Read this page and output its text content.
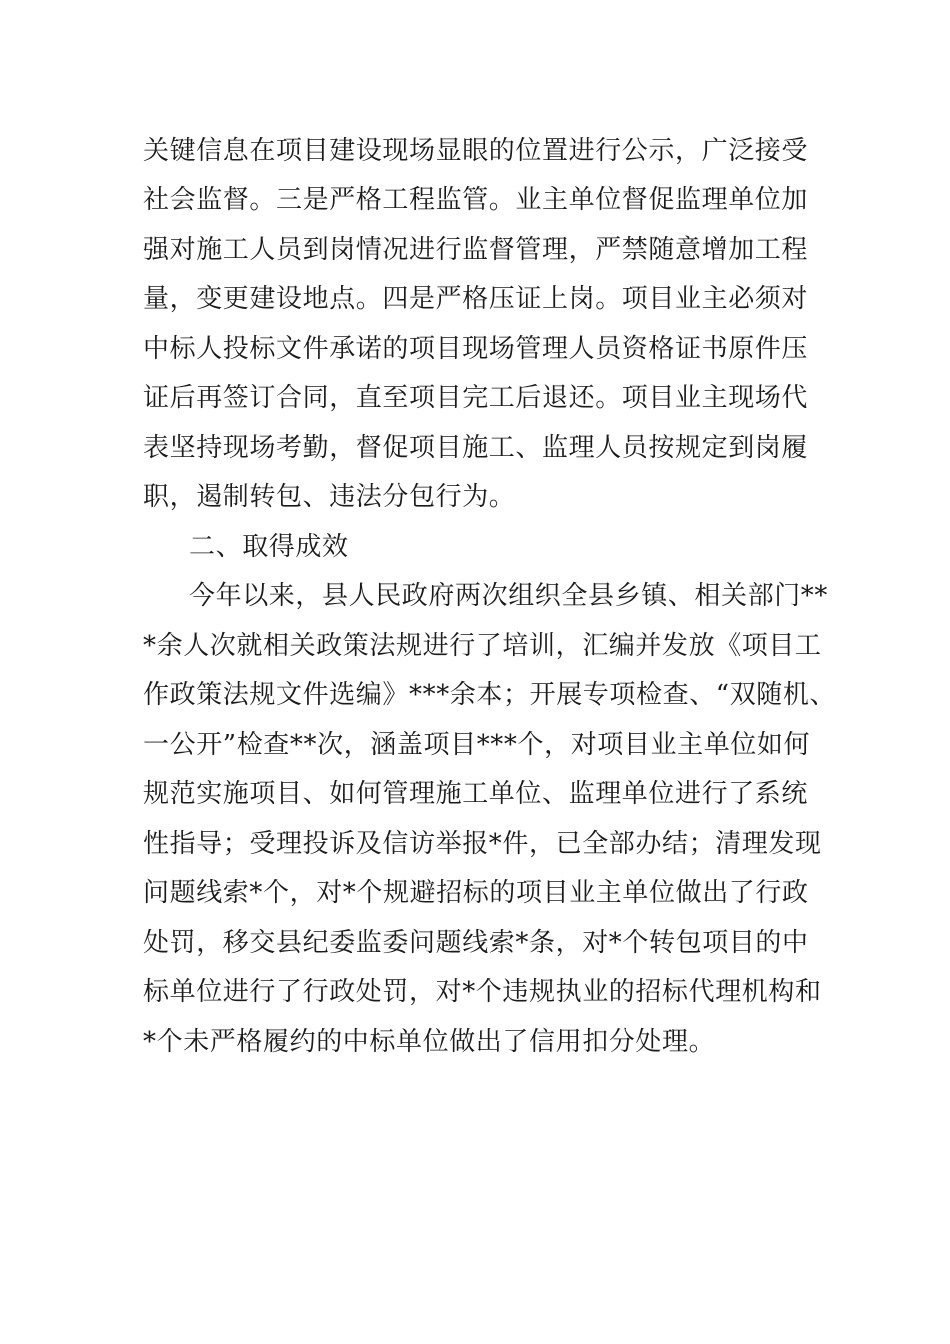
关键信息在项目建设现场显眼的位置进行公示，广泛接受
社会监督。三是严格工程监管。业主单位督促监理单位加
强对施工人员到岗情况进行监督管理，严禁随意增加工程
量，变更建设地点。四是严格压证上岗。项目业主必须对
中标人投标文件承诺的项目现场管理人员资格证书原件压
证后再签订合同，直至项目完工后退还。项目业主现场代
表坚持现场考勤，督促项目施工、监理人员按规定到岗履
职，遏制转包、违法分包行为。
二、取得成效
今年以来，县人民政府两次组织全县乡镇、相关部门**
*余人次就相关政策法规进行了培训，汇编并发放《项目工
作政策法规文件选编》***余本；开展专项检查、“双随机、
一公开”检查**次，涵盖项目***个，对项目业主单位如何
规范实施项目、如何管理施工单位、监理单位进行了系统
性指导；受理投诉及信访举报*件，已全部办结；清理发现
问题线索*个，对*个规避招标的项目业主单位做出了行政
处罚，移交县纪委监委问题线索*条，对*个转包项目的中
标单位进行了行政处罚，对*个违规执业的招标代理机构和
*个未严格履约的中标单位做出了信用扣分处理。
